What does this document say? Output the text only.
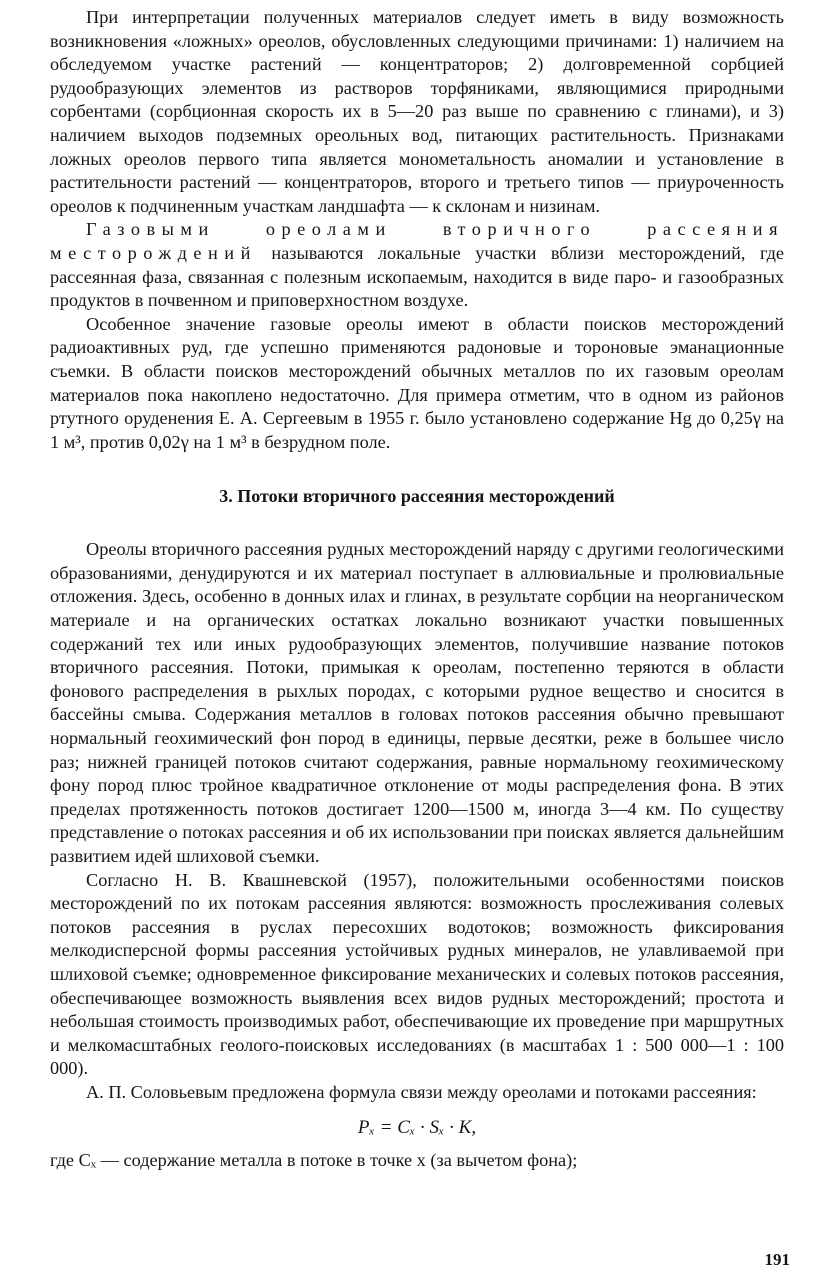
При интерпретации полученных материалов следует иметь в виду возможность возникновения «ложных» ореолов, обусловленных следующими причинами: 1) наличием на обследуемом участке растений — концентраторов; 2) долговременной сорбцией рудообразующих элементов из растворов торфяниками, являющимися природными сорбентами (сорбционная скорость их в 5—20 раз выше по сравнению с глинами), и 3) наличием выходов подземных ореольных вод, питающих растительность. Признаками ложных ореолов первого типа является монометальность аномалии и установление в растительности растений — концентраторов, второго и третьего типов — приуроченность ореолов к подчиненным участкам ландшафта — к склонам и низинам.

Газовыми ореолами вторичного рассеяния месторождений называются локальные участки вблизи месторождений, где рассеянная фаза, связанная с полезным ископаемым, находится в виде паро- и газообразных продуктов в почвенном и приповерхностном воздухе.

Особенное значение газовые ореолы имеют в области поисков месторождений радиоактивных руд, где успешно применяются радоновые и тороновые эманационные съемки. В области поисков месторождений обычных металлов по их газовым ореолам материалов пока накоплено недостаточно. Для примера отметим, что в одном из районов ртутного оруденения Е. А. Сергеевым в 1955 г. было установлено содержание Hg до 0,25γ на 1 м³, против 0,02γ на 1 м³ в безрудном поле.

3. Потоки вторичного рассеяния месторождений

Ореолы вторичного рассеяния рудных месторождений наряду с другими геологическими образованиями, денудируются и их материал поступает в аллювиальные и пролювиальные отложения. Здесь, особенно в донных илах и глинах, в результате сорбции на неорганическом материале и на органических остатках локально возникают участки повышенных содержаний тех или иных рудообразующих элементов, получившие название потоков вторичного рассеяния. Потоки, примыкая к ореолам, постепенно теряются в области фонового распределения в рыхлых породах, с которыми рудное вещество и сносится в бассейны смыва. Содержания металлов в головах потоков рассеяния обычно превышают нормальный геохимический фон пород в единицы, первые десятки, реже в большее число раз; нижней границей потоков считают содержания, равные нормальному геохимическому фону пород плюс тройное квадратичное отклонение от моды распределения фона. В этих пределах протяженность потоков достигает 1200—1500 м, иногда 3—4 км. По существу представление о потоках рассеяния и об их использовании при поисках является дальнейшим развитием идей шлиховой съемки.

Согласно Н. В. Квашневской (1957), положительными особенностями поисков месторождений по их потокам рассеяния являются: возможность прослеживания солевых потоков рассеяния в руслах пересохших водотоков; возможность фиксирования мелкодисперсной формы рассеяния устойчивых рудных минералов, не улавливаемой при шлиховой съемке; одновременное фиксирование механических и солевых потоков рассеяния, обеспечивающее возможность выявления всех видов рудных месторождений; простота и небольшая стоимость производимых работ, обеспечивающие их проведение при маршрутных и мелкомасштабных геолого-поисковых исследованиях (в масштабах 1 : 500 000—1 : 100 000).

А. П. Соловьевым предложена формула связи между ореолами и потоками рассеяния:

Pₓ = Cₓ · Sₓ · K,

где Cₓ — содержание металла в потоке в точке x (за вычетом фона);

191
